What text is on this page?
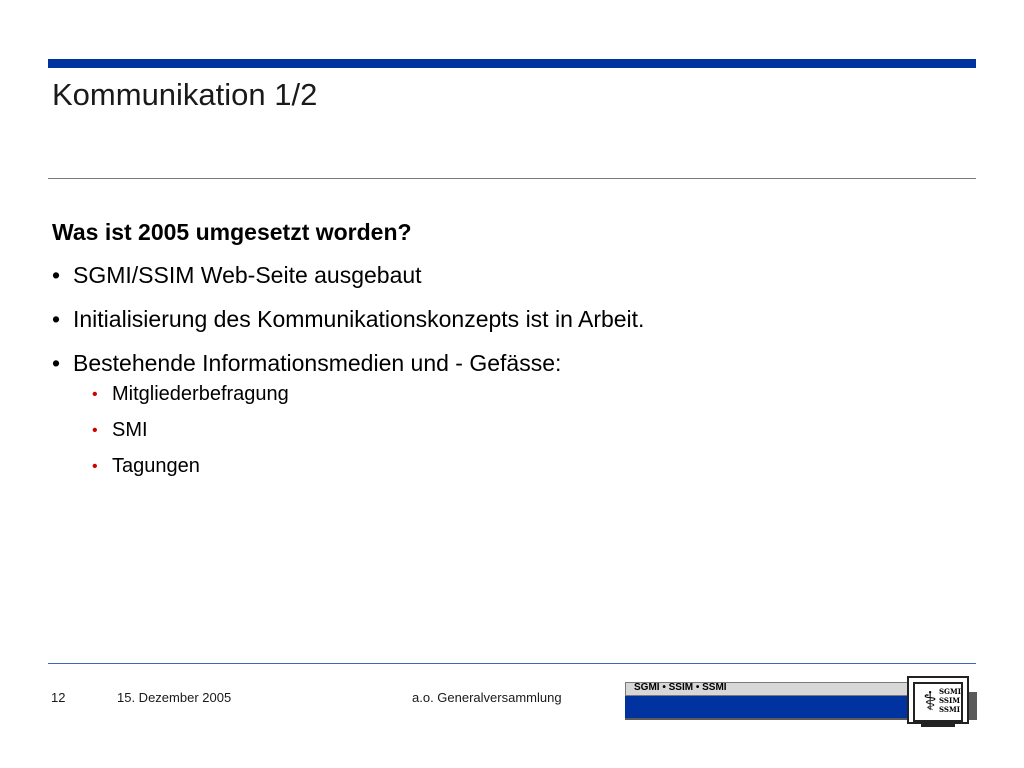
Kommunikation 1/2
Was ist 2005 umgesetzt worden?
• SGMI/SSIM Web-Seite ausgebaut
• Initialisierung des Kommunikationskonzepts ist in Arbeit.
• Bestehende Informationsmedien und - Gefässe:
• Mitgliederbefragung
• SMI
• Tagungen
12	15. Dezember 2005	a.o. Generalversammlung
SGMI • SSIM • SSMI	⚕ SGMI
SSIM
SSMI
